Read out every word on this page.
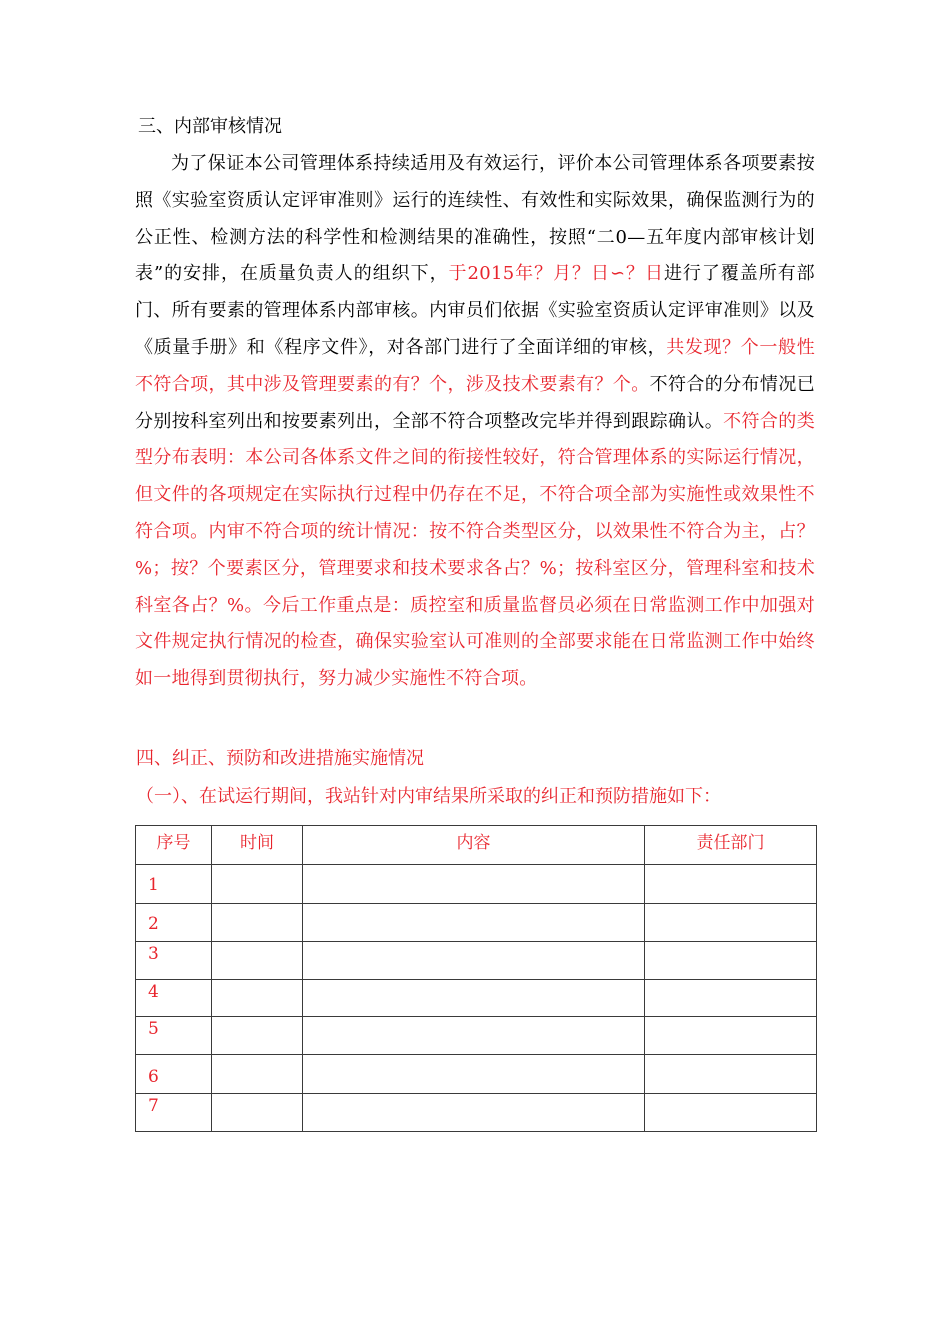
三、内部审核情况

为了保证本公司管理体系持续适用及有效运行，评价本公司管理体系各项要素按照《实验室资质认定评审准则》运行的连续性、有效性和实际效果，确保监测行为的公正性、检测方法的科学性和检测结果的准确性，按照“二0—五年度内部审核计划表”的安排，在质量负责人的组织下，于2015年？月？日∽？日进行了覆盖所有部门、所有要素的管理体系内部审核。内审员们依据《实验室资质认定评审准则》以及《质量手册》和《程序文件》，对各部门进行了全面详细的审核，共发现？个一般性不符合项，其中涉及管理要素的有？个，涉及技术要素有？个。不符合的分布情况已分别按科室列出和按要素列出，全部不符合项整改完毕并得到跟踪确认。不符合的类型分布表明：本公司各体系文件之间的衔接性较好，符合管理体系的实际运行情况，但文件的各项规定在实际执行过程中仍存在不足，不符合项全部为实施性或效果性不符合项。内审不符合项的统计情况：按不符合类型区分，以效果性不符合为主，占？%；按？个要素区分，管理要求和技术要求各占？%；按科室区分，管理科室和技术科室各占？%。今后工作重点是：质控室和质量监督员必须在日常监测工作中加强对文件规定执行情况的检查，确保实验室认可准则的全部要求能在日常监测工作中始终如一地得到贯彻执行，努力减少实施性不符合项。

四、纠正、预防和改进措施实施情况
（一）、在试运行期间，我站针对内审结果所采取的纠正和预防措施如下：
序号	时间	内容	责任部门
1			
2			
3			
4			
5			
6			
7			
